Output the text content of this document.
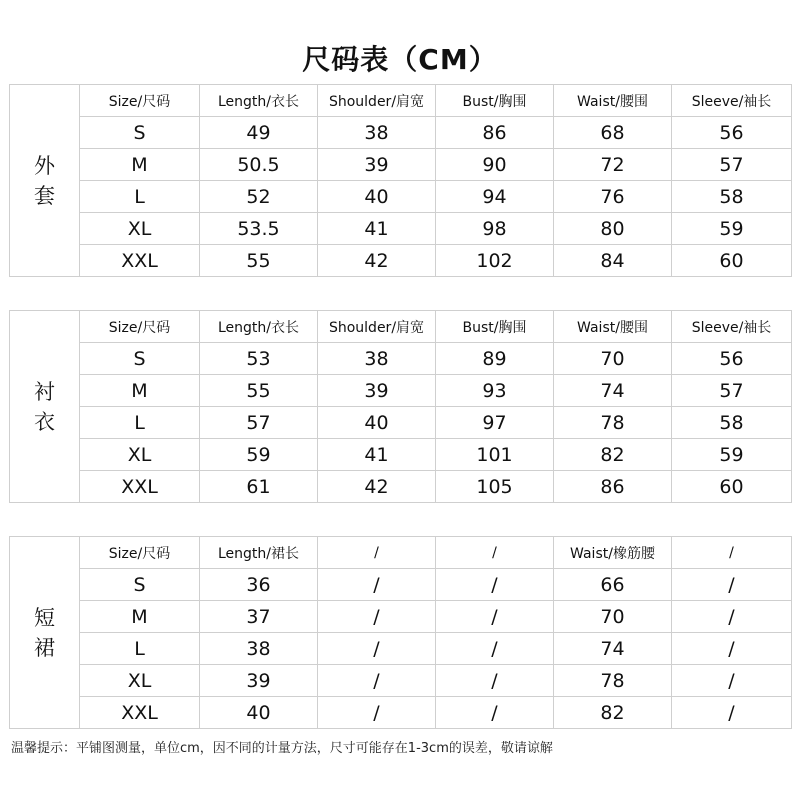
尺码表（CM）
外
套	Size/尺码	Length/衣长	Shoulder/肩宽	Bust/胸围	Waist/腰围	Sleeve/袖长
	S	49	38	86	68	56
	M	50.5	39	90	72	57
	L	52	40	94	76	58
	XL	53.5	41	98	80	59
	XXL	55	42	102	84	60
衬
衣	Size/尺码	Length/衣长	Shoulder/肩宽	Bust/胸围	Waist/腰围	Sleeve/袖长
	S	53	38	89	70	56
	M	55	39	93	74	57
	L	57	40	97	78	58
	XL	59	41	101	82	59
	XXL	61	42	105	86	60
短
裙	Size/尺码	Length/裙长	/	/	Waist/橡筋腰	/
	S	36	/	/	66	/
	M	37	/	/	70	/
	L	38	/	/	74	/
	XL	39	/	/	78	/
	XXL	40	/	/	82	/
温馨提示：平铺图测量，单位cm，因不同的计量方法，尺寸可能存在1-3cm的误差，敬请谅解
